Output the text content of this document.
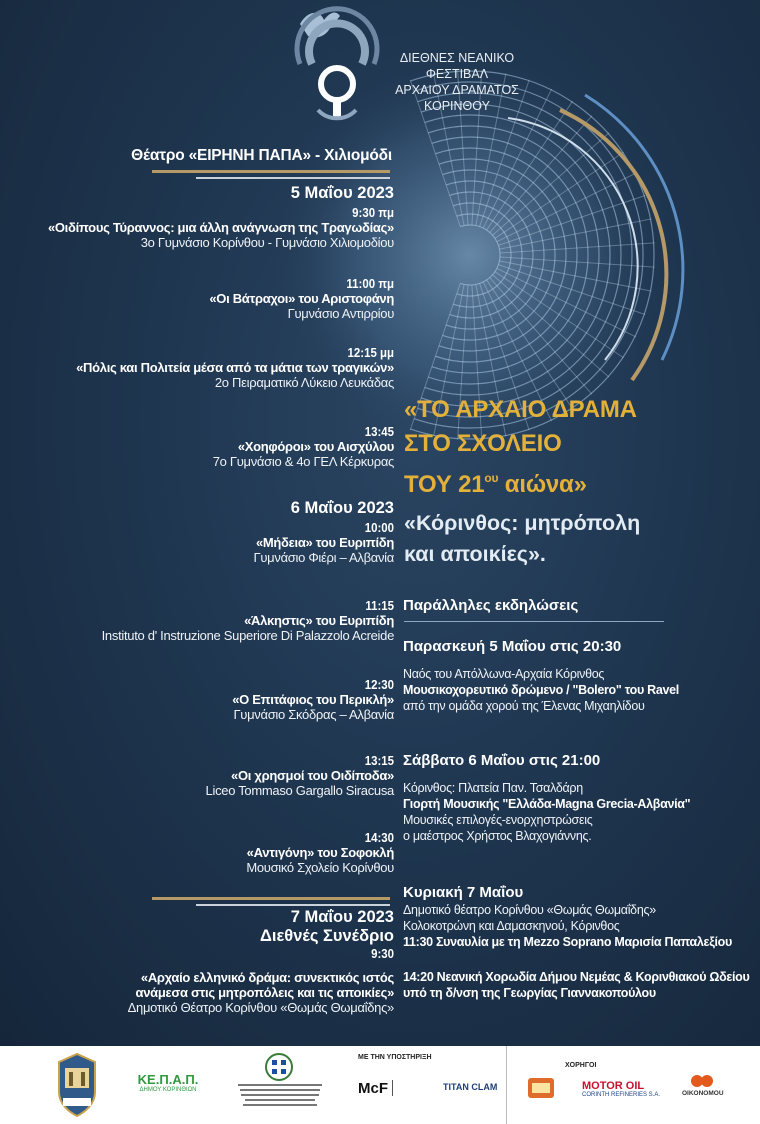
ΔΙΕΘΝΕΣ ΝΕΑΝΙΚΟ ΦΕΣΤΙΒΑΛ
ΑΡΧΑΙΟΥ ΔΡΑΜΑΤΟΣ
ΚΟΡΙΝΘΟΥ
Θέατρο «ΕΙΡΗΝΗ ΠΑΠΑ» - Χιλιομόδι
5 Μαΐου 2023
9:30 πμ
«Οιδίπους Τύραννος: μια άλλη ανάγνωση της Τραγωδίας»
3ο Γυμνάσιο Κορίνθου - Γυμνάσιο Χιλιομοδίου
11:00 πμ
«Οι Βάτραχοι» του Αριστοφάνη
Γυμνάσιο Αντιρρίου
12:15 μμ
«Πόλις και Πολιτεία μέσα από τα μάτια των τραγικών»
2ο Πειραματικό Λύκειο Λευκάδας
13:45
«Χοηφόροι» του Αισχύλου
7ο Γυμνάσιο & 4ο ΓΕΛ Κέρκυρας
6 Μαΐου 2023
10:00
«Μήδεια» του Ευριπίδη
Γυμνάσιο Φιέρι – Αλβανία
11:15
«Άλκηστις» του Ευριπίδη
Instituto d' Instruzione Superiore Di Palazzolo Acreide
12:30
«Ο Επιτάφιος του Περικλή»
Γυμνάσιο Σκόδρας – Αλβανία
13:15
«Οι χρησμοί του Οιδίποδα»
Liceo Tommaso Gargallo Siracusa
14:30
«Αντιγόνη» του Σοφοκλή
Μουσικό Σχολείο Κορίνθου
7 Μαΐου 2023
Διεθνές Συνέδριο
9:30
«Αρχαίο ελληνικό δράμα: συνεκτικός ιστός
ανάμεσα στις μητροπόλεις και τις αποικίες»
Δημοτικό Θέατρο Κορίνθου «Θωμάς Θωμαΐδης»
«ΤΟ ΑΡΧΑΙΟ ΔΡΑΜΑ
ΣΤΟ ΣΧΟΛΕΙΟ
ΤΟΥ $21^{o\upsilon}$ αιώνα»
«Κόρινθος: μητρόπολη
και αποικίες».
Παράλληλες εκδηλώσεις
Παρασκευή 5 Μαΐου στις 20:30
Ναός του Απόλλωνα-Αρχαία Κόρινθος
Μουσικοχορευτικό δρώμενο / "Bolero" του Ravel
από την ομάδα χορού της Έλενας Μιχαηλίδου
Σάββατο 6 Μαΐου στις 21:00
Κόρινθος: Πλατεία Παν. Τσαλδάρη
Γιορτή Μουσικής "Ελλάδα-Magna Grecia-Αλβανία"
Μουσικές επιλογές-ενορχηστρώσεις
ο μαέστρος Χρήστος Βλαχογιάννης.
Κυριακή 7 Μαΐου
Δημοτικό θέατρο Κορίνθου «Θωμάς Θωμαΐδης»
Κολοκοτρώνη και Δαμασκηνού, Κόρινθος
11:30 Συναυλία με τη Mezzo Soprano Μαρισία Παπαλεξίου
14:20 Νεανική Χορωδία Δήμου Νεμέας & Κορινθιακού Ωδείου
υπό τη δ/νση της Γεωργίας Γιαννακοπούλου
ΚΕ.Π.Α.Π.
ΔΗΜΟΥ ΚΟΡΙΝΘΙΩΝ
ΜΕ ΤΗΝ ΥΠΟΣΤΗΡΙΞΗ
McF	TITAN CLAM
ΧΟΡΗΓΟΙ
MOTOR OIL
CORINTH REFINERIES S.A.	OIKONOMOU
